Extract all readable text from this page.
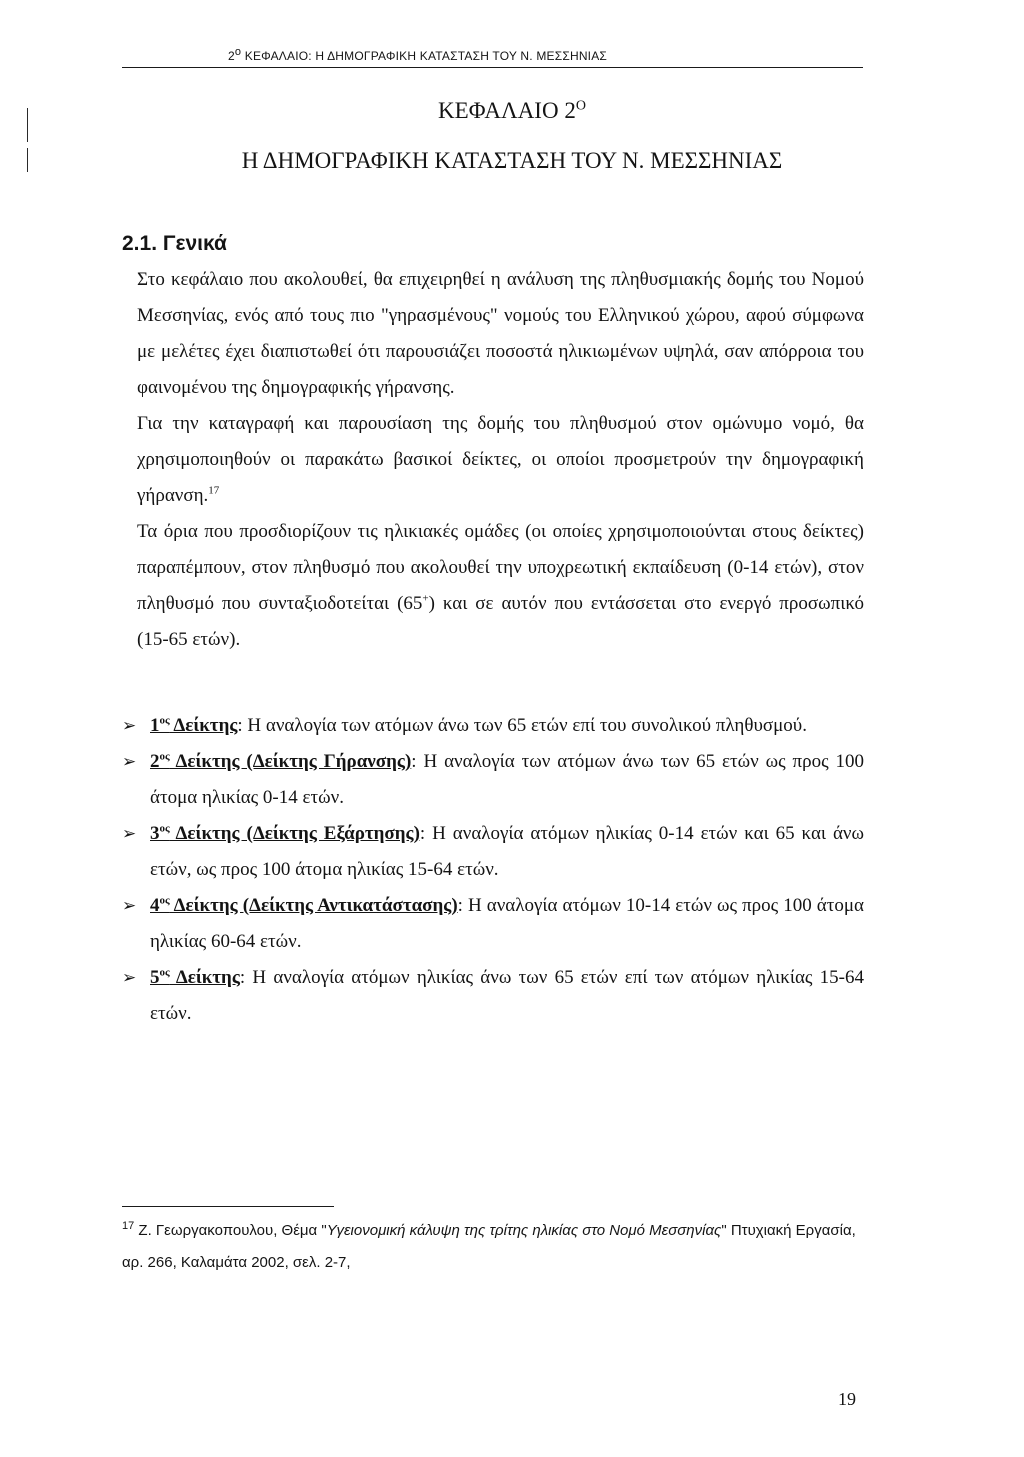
$2^o$ ΚΕΦΑΛΑΙΟ: Η ΔΗΜΟΓΡΑΦΙΚΗ ΚΑΤΑΣΤΑΣΗ ΤΟΥ Ν. ΜΕΣΣΗΝΙΑΣ
ΚΕΦΑΛΑΙΟ $2^O$
Η ΔΗΜΟΓΡΑΦΙΚΗ ΚΑΤΑΣΤΑΣΗ ΤΟΥ Ν. ΜΕΣΣΗΝΙΑΣ
2.1. Γενικά

Στο κεφάλαιο που ακολουθεί, θα επιχειρηθεί η ανάλυση της πληθυσμιακής δομής του Νομού Μεσσηνίας, ενός από τους πιο "γηρασμένους" νομούς του Ελληνικού χώρου, αφού σύμφωνα με μελέτες έχει διαπιστωθεί ότι παρουσιάζει ποσοστά ηλικιωμένων υψηλά, σαν απόρροια του φαινομένου της δημογραφικής γήρανσης.

Για την καταγραφή και παρουσίαση της δομής του πληθυσμού στον ομώνυμο νομό, θα χρησιμοποιηθούν οι παρακάτω βασικοί δείκτες, οι οποίοι προσμετρούν την δημογραφική γήρανση.$^{17}$

Τα όρια που προσδιορίζουν τις ηλικιακές ομάδες (οι οποίες χρησιμοποιούνται στους δείκτες) παραπέμπουν, στον πληθυσμό που ακολουθεί την υποχρεωτική εκπαίδευση (0-14 ετών), στον πληθυσμό που συνταξιοδοτείται (65+) και σε αυτόν που εντάσσεται στο ενεργό προσωπικό (15-65 ετών).

➢ $1^{o\varsigma}$ Δείκτης: Η αναλογία των ατόμων άνω των 65 ετών επί του συνολικού πληθυσμού.
➢ $2^{o\varsigma}$ Δείκτης (Δείκτης Γήρανσης): Η αναλογία των ατόμων άνω των 65 ετών ως προς 100 άτομα ηλικίας 0-14 ετών.
➢ $3^{o\varsigma}$ Δείκτης (Δείκτης Εξάρτησης): Η αναλογία ατόμων ηλικίας 0-14 ετών και 65 και άνω ετών, ως προς 100 άτομα ηλικίας 15-64 ετών.
➢ $4^{o\varsigma}$ Δείκτης (Δείκτης Αντικατάστασης): Η αναλογία ατόμων 10-14 ετών ως προς 100 άτομα ηλικίας 60-64 ετών.
➢ $5^{o\varsigma}$ Δείκτης: Η αναλογία ατόμων ηλικίας άνω των 65 ετών επί των ατόμων ηλικίας 15-64 ετών.
$^{17}$ Ζ. Γεωργακοπουλου, Θέμα "Υγειονομική κάλυψη της τρίτης ηλικίας στο Νομό Μεσσηνίας" Πτυχιακή Εργασία, αρ. 266, Καλαμάτα 2002, σελ. 2-7,
19
